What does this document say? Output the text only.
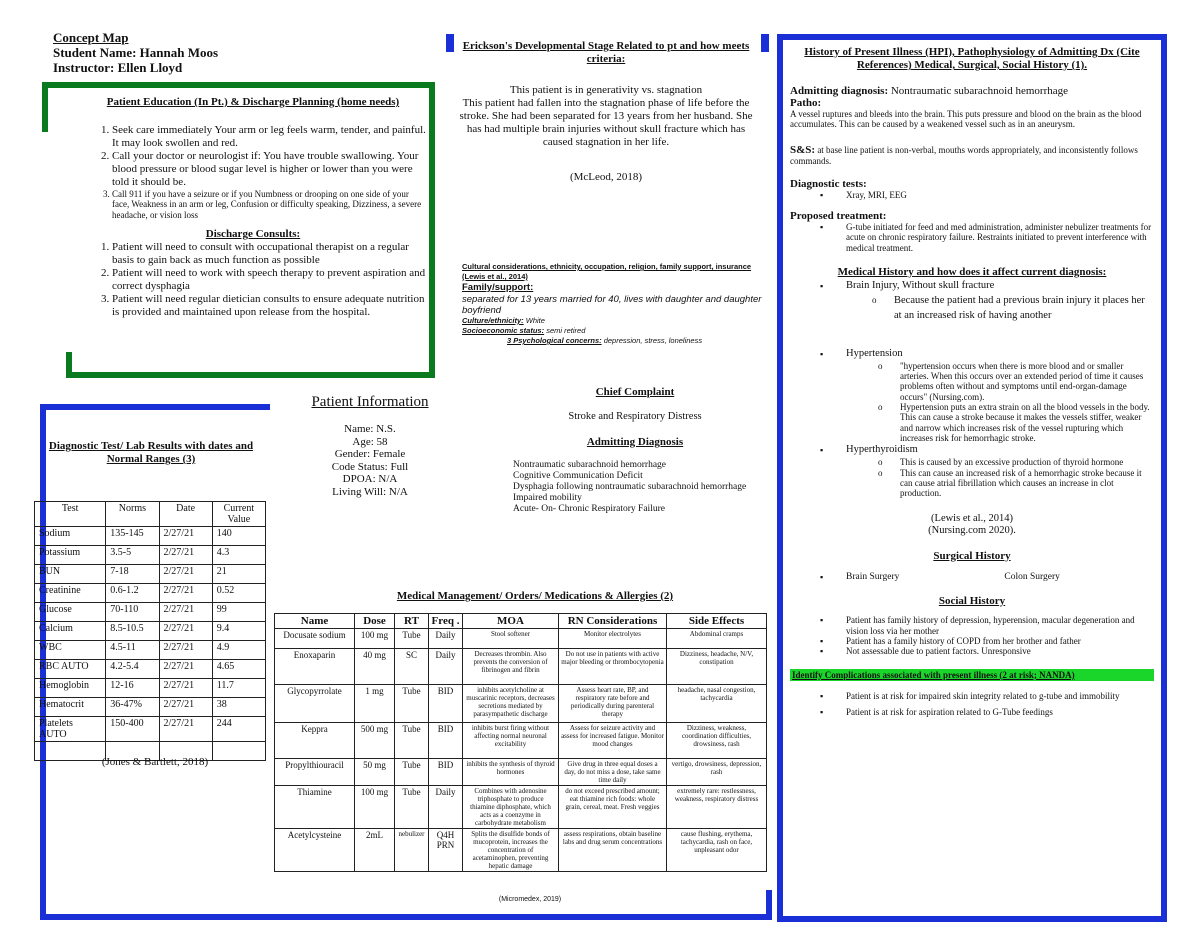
Concept Map
Student Name: Hannah Moos
Instructor: Ellen Lloyd
Patient Education (In Pt.) & Discharge Planning (home needs)
1. Seek care immediately Your arm or leg feels warm, tender, and painful. It may look swollen and red.
2. Call your doctor or neurologist if: You have trouble swallowing. Your blood pressure or blood sugar level is higher or lower than you were told it should be.
3. Call 911 if you have a seizure or if you Numbness or drooping on one side of your face, Weakness in an arm or leg, Confusion or difficulty speaking, Dizziness, a severe headache, or vision loss
Discharge Consults:
1. Patient will need to consult with occupational therapist on a regular basis to gain back as much function as possible
2. Patient will need to work with speech therapy to prevent aspiration and correct dysphagia
3. Patient will need regular dietician consults to ensure adequate nutrition is provided and maintained upon release from the hospital.
Erickson's Developmental Stage Related to pt and how meets criteria:
This patient is in generativity vs. stagnation
This patient had fallen into the stagnation phase of life before the stroke. She had been separated for 13 years from her husband. She has had multiple brain injuries without skull fracture which has caused stagnation in her life.
(McLeod, 2018)
Cultural considerations, ethnicity, occupation, religion, family support, insurance (Lewis et al., 2014)
Family/support:
separated for 13 years married for 40, lives with daughter and daughter boyfriend
Culture/ethnicity: White
Socioeconomic status: semi retired
3 Psychological concerns: depression, stress, loneliness
History of Present Illness (HPI), Pathophysiology of Admitting Dx (Cite References) Medical, Surgical, Social History (1).
Admitting diagnosis: Nontraumatic subarachnoid hemorrhage
Patho:
A vessel ruptures and bleeds into the brain. This puts pressure and blood on the brain as the blood accumulates. This can be caused by a weakened vessel such as in an aneurysm.
S&S: at base line patient is non-verbal, mouths words appropriately, and inconsistently follows commands.
Diagnostic tests:
▪ Xray, MRI, EEG
Proposed treatment:
▪ G-tube initiated for feed and med administration, administer nebulizer treatments for acute on chronic respiratory failure. Restraints initiated to prevent interference with medical treatment.
Medical History and how does it affect current diagnosis:
▪ Brain Injury, Without skull fracture
o Because the patient had a previous brain injury it places her at an increased risk of having another
▪ Hypertension
o "hypertension occurs when there is more blood and or smaller arteries. When this occurs over an extended period of time it causes problems often without and symptoms until end-organ-damage occurs" (Nursing.com).
o Hypertension puts an extra strain on all the blood vessels in the body. This can cause a stroke because it makes the vessels stiffer, weaker and narrow which increases risk of the vessel rupturing which increases risk for hemorrhagic stroke.
▪ Hyperthyroidism
o This is caused by an excessive production of thyroid hormone
o This can cause an increased risk of a hemorrhagic stroke because it can cause atrial fibrillation which causes an increase in clot production.
(Lewis et al., 2014)
(Nursing.com 2020).
Surgical History
▪ Brain Surgery	Colon Surgery
Social History
▪ Patient has family history of depression, hyperension, macular degeneration and vision loss via her mother
▪ Patient has a family history of COPD from her brother and father
▪ Not assessable due to patient factors. Unresponsive
Identify Complications associated with present illness (2 at risk; NANDA)
▪ Patient is at risk for impaired skin integrity related to g-tube and immobility
▪ Patient is at risk for aspiration related to G-Tube feedings
Patient Information
Name: N.S.
Age: 58
Gender: Female
Code Status: Full
DPOA: N/A
Living Will: N/A
Chief Complaint
Stroke and Respiratory Distress
Admitting Diagnosis
Nontraumatic subarachnoid hemorrhage
Cognitive Communication Deficit
Dysphagia following nontraumatic subarachnoid hemorrhage
Impaired mobility
Acute- On- Chronic Respiratory Failure
Diagnostic Test/ Lab Results with dates and Normal Ranges (3)
Test	Norms	Date	Current Value
Sodium	135-145	2/27/21	140
Potassium	3.5-5	2/27/21	4.3
BUN	7-18	2/27/21	21
Creatinine	0.6-1.2	2/27/21	0.52
Glucose	70-110	2/27/21	99
Calcium	8.5-10.5	2/27/21	9.4
WBC	4.5-11	2/27/21	4.9
RBC AUTO	4.2-5.4	2/27/21	4.65
Hemoglobin	12-16	2/27/21	11.7
Hematocrit	36-47%	2/27/21	38
Platelets AUTO	150-400	2/27/21	244

(Jones & Bartlett, 2018)
Medical Management/ Orders/ Medications & Allergies (2)
Name	Dose	RT	Freq .	MOA	RN Considerations	Side Effects
Docusate sodium	100 mg	Tube	Daily	Stool softener	Monitor electrolytes	Abdominal cramps
Enoxaparin	40 mg	SC	Daily	Decreases thrombin. Also prevents the conversion of fibrinogen and fibrin	Do not use in patients with active major bleeding or thrombocytopenia	Dizziness, headache, N/V, constipation
Glycopyrrolate	1 mg	Tube	BID	inhibits acetylcholine at muscarinic receptors, decreases secretions mediated by parasympathetic discharge	Assess heart rate, BP, and respiratory rate before and periodically during parenteral therapy	headache, nasal congestion, tachycardia
Keppra	500 mg	Tube	BID	inhibits burst firing without affecting normal neuronal excitability	Assess for seizure activity and assess for increased fatigue. Monitor mood changes	Dizziness, weakness, coordination difficulties, drowsiness, rash
Propylthiouracil	50 mg	Tube	BID	inhibits the synthesis of thyroid hormones	Give drug in three equal doses a day, do not miss a dose, take same time daily	vertigo, drowsiness, depression, rash
Thiamine	100 mg	Tube	Daily	Combines with adenosine triphosphate to produce thiamine diphosphate, which acts as a coenzyme in carbohydrate metabolism	do not exceed prescribed amount; eat thiamine rich foods: whole grain, cereal, meat. Fresh veggies	extremely rare: restlessness, weakness, respiratory distress
Acetylcysteine	2mL	nebulizer	Q4H PRN	Splits the disulfide bonds of mucoprotein, increases the concentration of acetaminophen, preventing hepatic damage	assess respirations, obtain baseline labs and drug serum concentrations	cause flushing, erythema, tachycardia, rash on face, unpleasant odor
(Micromedex, 2019)
